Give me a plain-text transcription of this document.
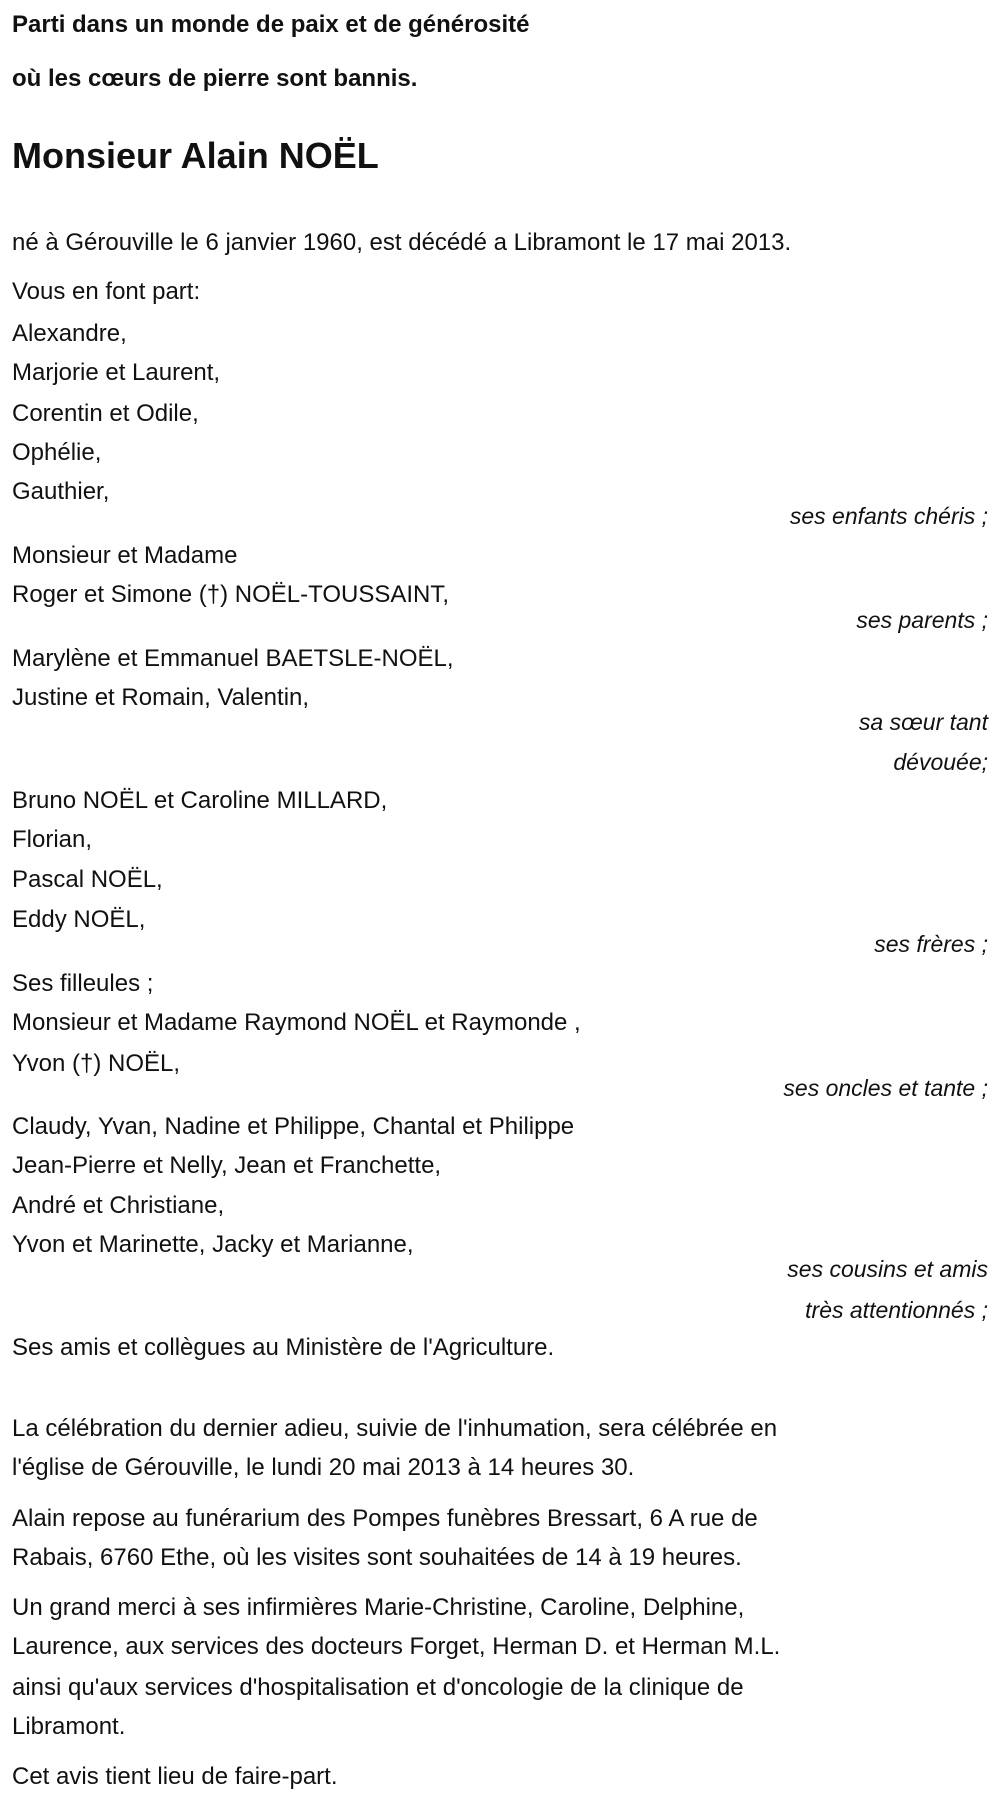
Parti dans un monde de paix et de générosité
où les cœurs de pierre sont bannis.
Monsieur Alain NOËL
né à Gérouville le 6 janvier 1960, est décédé a Libramont le 17 mai 2013.
Vous en font part:
Alexandre,
Marjorie et Laurent,
Corentin et Odile,
Ophélie,
Gauthier,
ses enfants chéris ;
Monsieur et Madame
Roger et Simone (†) NOËL-TOUSSAINT,
ses parents ;
Marylène et Emmanuel BAETSLE-NOËL,
Justine et Romain, Valentin,
sa sœur tant
dévouée;
Bruno NOËL et Caroline MILLARD,
Florian,
Pascal NOËL,
Eddy NOËL,
ses frères ;
Ses filleules ;
Monsieur et Madame Raymond NOËL et Raymonde ,
Yvon (†) NOËL,
ses oncles et tante ;
Claudy, Yvan, Nadine et Philippe, Chantal et Philippe
Jean-Pierre et Nelly, Jean et Franchette,
André et Christiane,
Yvon et Marinette, Jacky et Marianne,
ses cousins et amis
très attentionnés ;
Ses amis et collègues au Ministère de l'Agriculture.
La célébration du dernier adieu, suivie de l'inhumation, sera célébrée en
l'église de Gérouville, le lundi 20 mai 2013 à 14 heures 30.
Alain repose au funérarium des Pompes funèbres Bressart, 6 A rue de
Rabais, 6760 Ethe, où les visites sont souhaitées de 14 à 19 heures.
Un grand merci à ses infirmières Marie-Christine, Caroline, Delphine,
Laurence, aux services des docteurs Forget, Herman D. et Herman M.L.
ainsi qu'aux services d'hospitalisation et d'oncologie de la clinique de
Libramont.
Cet avis tient lieu de faire-part.
